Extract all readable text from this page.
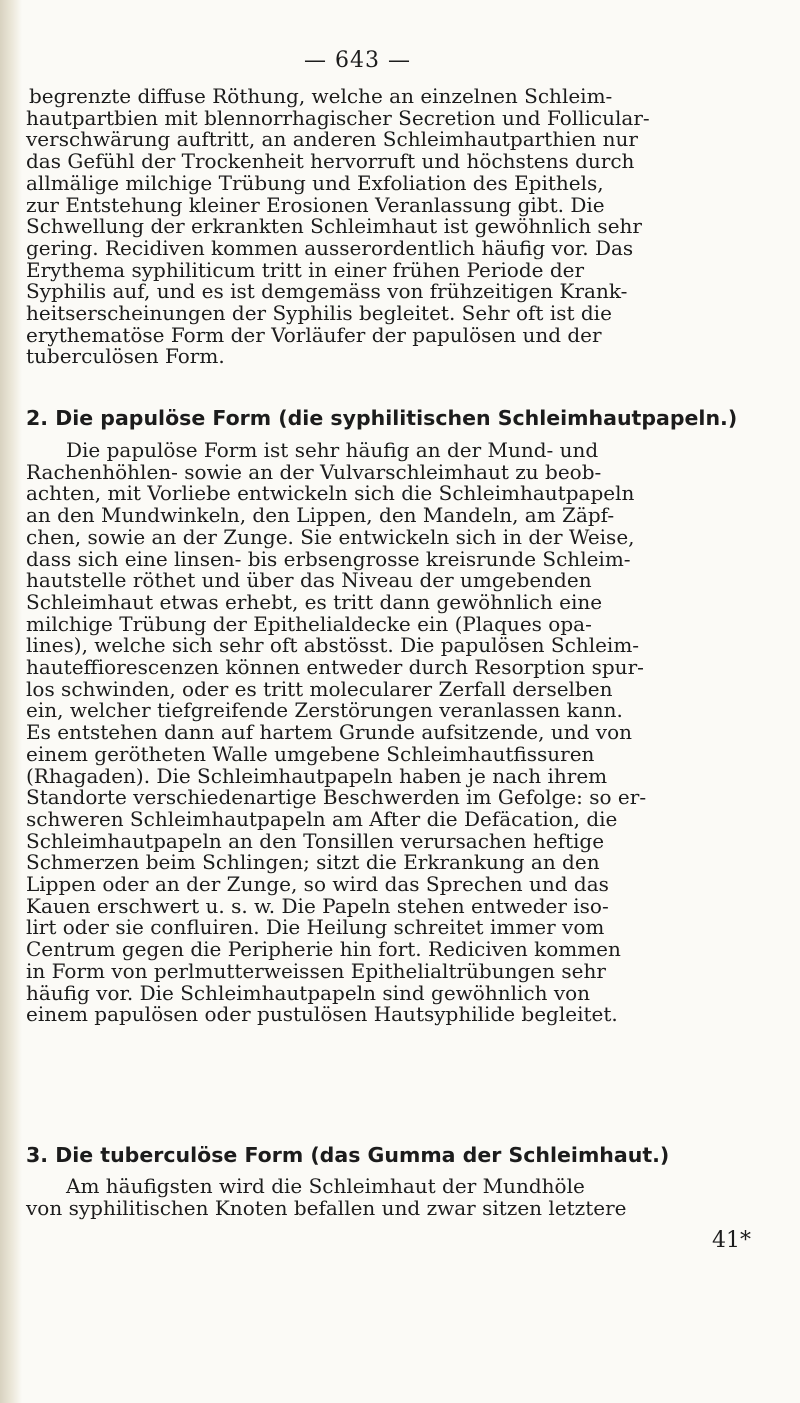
— 643 —
begrenzte diffuse Röthung, welche an einzelnen Schleim-
hautpartbien mit blennorrhagischer Secretion und Follicular-
verschwärung auftritt, an anderen Schleimhautparthien nur
das Gefühl der Trockenheit hervorruft und höchstens durch
allmälige milchige Trübung und Exfoliation des Epithels,
zur Entstehung kleiner Erosionen Veranlassung gibt. Die
Schwellung der erkrankten Schleimhaut ist gewöhnlich sehr
gering. Recidiven kommen ausserordentlich häufig vor. Das
Erythema syphiliticum tritt in einer frühen Periode der
Syphilis auf, und es ist demgemäss von frühzeitigen Krank-
heitserscheinungen der Syphilis begleitet. Sehr oft ist die
erythematöse Form der Vorläufer der papulösen und der
tuberculösen Form.
2. Die papulöse Form (die syphilitischen Schleimhautpapeln.)
Die papulöse Form ist sehr häufig an der Mund- und
Rachenhöhlen- sowie an der Vulvarschleimhaut zu beob-
achten, mit Vorliebe entwickeln sich die Schleimhautpapeln
an den Mundwinkeln, den Lippen, den Mandeln, am Zäpf-
chen, sowie an der Zunge. Sie entwickeln sich in der Weise,
dass sich eine linsen- bis erbsengrosse kreisrunde Schleim-
hautstelle röthet und über das Niveau der umgebenden
Schleimhaut etwas erhebt, es tritt dann gewöhnlich eine
milchige Trübung der Epithelialdecke ein (Plaques opa-
lines), welche sich sehr oft abstösst. Die papulösen Schleim-
hauteffiorescenzen können entweder durch Resorption spur-
los schwinden, oder es tritt molecularer Zerfall derselben
ein, welcher tiefgreifende Zerstörungen veranlassen kann.
Es entstehen dann auf hartem Grunde aufsitzende, und von
einem gerötheten Walle umgebene Schleimhautfissuren
(Rhagaden). Die Schleimhautpapeln haben je nach ihrem
Standorte verschiedenartige Beschwerden im Gefolge: so er-
schweren Schleimhautpapeln am After die Defäcation, die
Schleimhautpapeln an den Tonsillen verursachen heftige
Schmerzen beim Schlingen; sitzt die Erkrankung an den
Lippen oder an der Zunge, so wird das Sprechen und das
Kauen erschwert u. s. w. Die Papeln stehen entweder iso-
lirt oder sie confluiren. Die Heilung schreitet immer vom
Centrum gegen die Peripherie hin fort. Rediciven kommen
in Form von perlmutterweissen Epithelialtrübungen sehr
häufig vor. Die Schleimhautpapeln sind gewöhnlich von
einem papulösen oder pustulösen Hautsyphilide begleitet.
3. Die tuberculöse Form (das Gumma der Schleimhaut.)
Am häufigsten wird die Schleimhaut der Mundhöle
von syphilitischen Knoten befallen und zwar sitzen letztere
41*
